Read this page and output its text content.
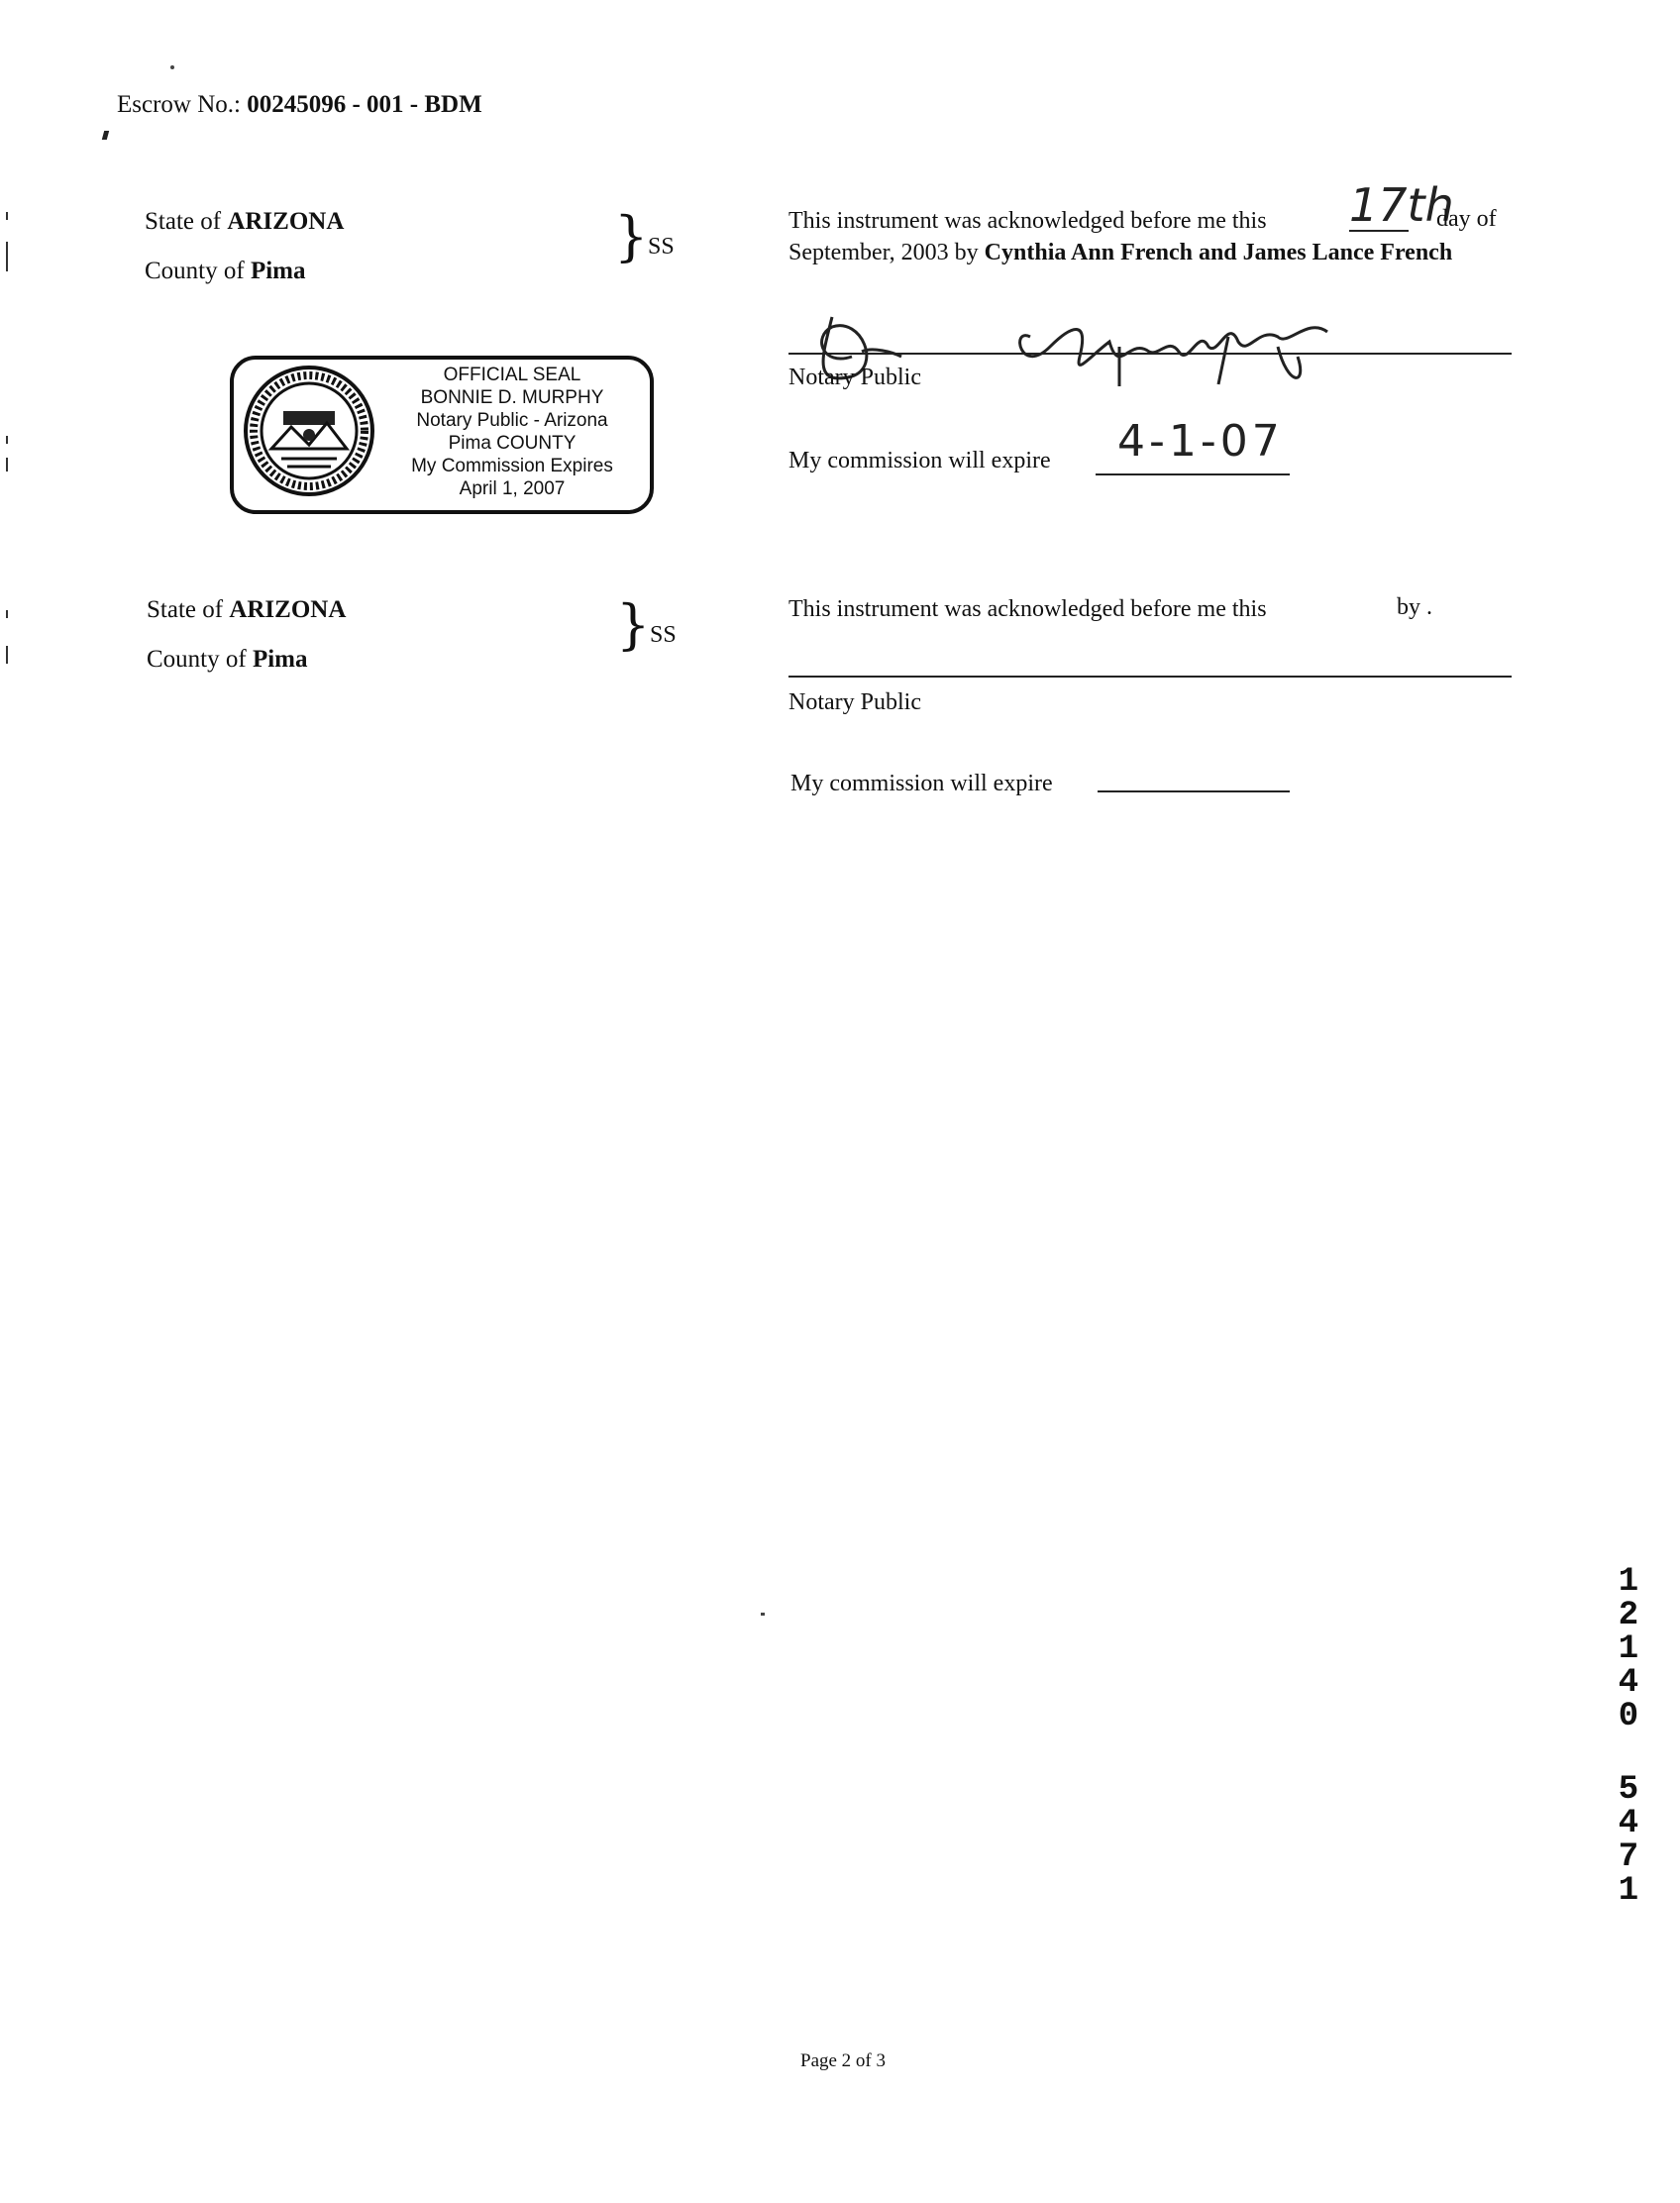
Escrow No.: 00245096 - 001 - BDM
State of ARIZONA
County of Pima
} SS
This instrument was acknowledged before me this	17th
day of
September, 2003 by Cynthia Ann French and James Lance French
B. Murphy
Notary Public
My commission will expire 4-1-07
OFFICIAL SEAL
BONNIE D. MURPHY
Notary Public - Arizona
Pima COUNTY
My Commission Expires
April 1, 2007
State of ARIZONA
County of Pima
} SS
This instrument was acknowledged before me this	by .
Notary Public
My commission will expire
1
2
1
4
0
5
4
7
1
Page 2 of 3
